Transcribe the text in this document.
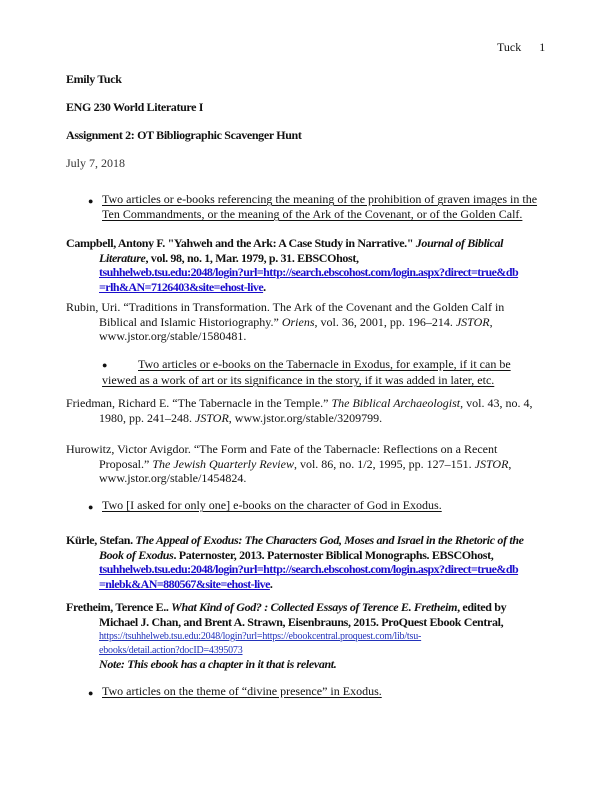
Tuck 1
Emily Tuck
ENG 230 World Literature I
Assignment 2: OT Bibliographic Scavenger Hunt
July 7, 2018
● Two articles or e-books referencing the meaning of the prohibition of graven images in the
Ten Commandments, or the meaning of the Ark of the Covenant, or of the Golden Calf.
Campbell, Antony F. "Yahweh and the Ark: A Case Study in Narrative." Journal of Biblical
Literature, vol. 98, no. 1, Mar. 1979, p. 31. EBSCOhost,
tsuhhelweb.tsu.edu:2048/login?url=http://search.ebscohost.com/login.aspx?direct=true&db
=rlh&AN=7126403&site=ehost-live.
Rubin, Uri. “Traditions in Transformation. The Ark of the Covenant and the Golden Calf in
Biblical and Islamic Historiography.” Oriens, vol. 36, 2001, pp. 196–214. JSTOR,
www.jstor.org/stable/1580481.
●	Two articles or e-books on the Tabernacle in Exodus, for example, if it can be
viewed as a work of art or its significance in the story, if it was added in later, etc.
Friedman, Richard E. “The Tabernacle in the Temple.” The Biblical Archaeologist, vol. 43, no. 4,
1980, pp. 241–248. JSTOR, www.jstor.org/stable/3209799.
Hurowitz, Victor Avigdor. “The Form and Fate of the Tabernacle: Reflections on a Recent
Proposal.” The Jewish Quarterly Review, vol. 86, no. 1/2, 1995, pp. 127–151. JSTOR,
www.jstor.org/stable/1454824.
● Two [I asked for only one] e-books on the character of God in Exodus.
Kürle, Stefan. The Appeal of Exodus: The Characters God, Moses and Israel in the Rhetoric of the
Book of Exodus. Paternoster, 2013. Paternoster Biblical Monographs. EBSCOhost,
tsuhhelweb.tsu.edu:2048/login?url=http://search.ebscohost.com/login.aspx?direct=true&db
=nlebk&AN=880567&site=ehost-live.
Fretheim, Terence E.. What Kind of God? : Collected Essays of Terence E. Fretheim, edited by
Michael J. Chan, and Brent A. Strawn, Eisenbrauns, 2015. ProQuest Ebook Central,
https://tsuhhelweb.tsu.edu:2048/login?url=https://ebookcentral.proquest.com/lib/tsu-
ebooks/detail.action?docID=4395073
Note: This ebook has a chapter in it that is relevant.
● Two articles on the theme of “divine presence” in Exodus.
